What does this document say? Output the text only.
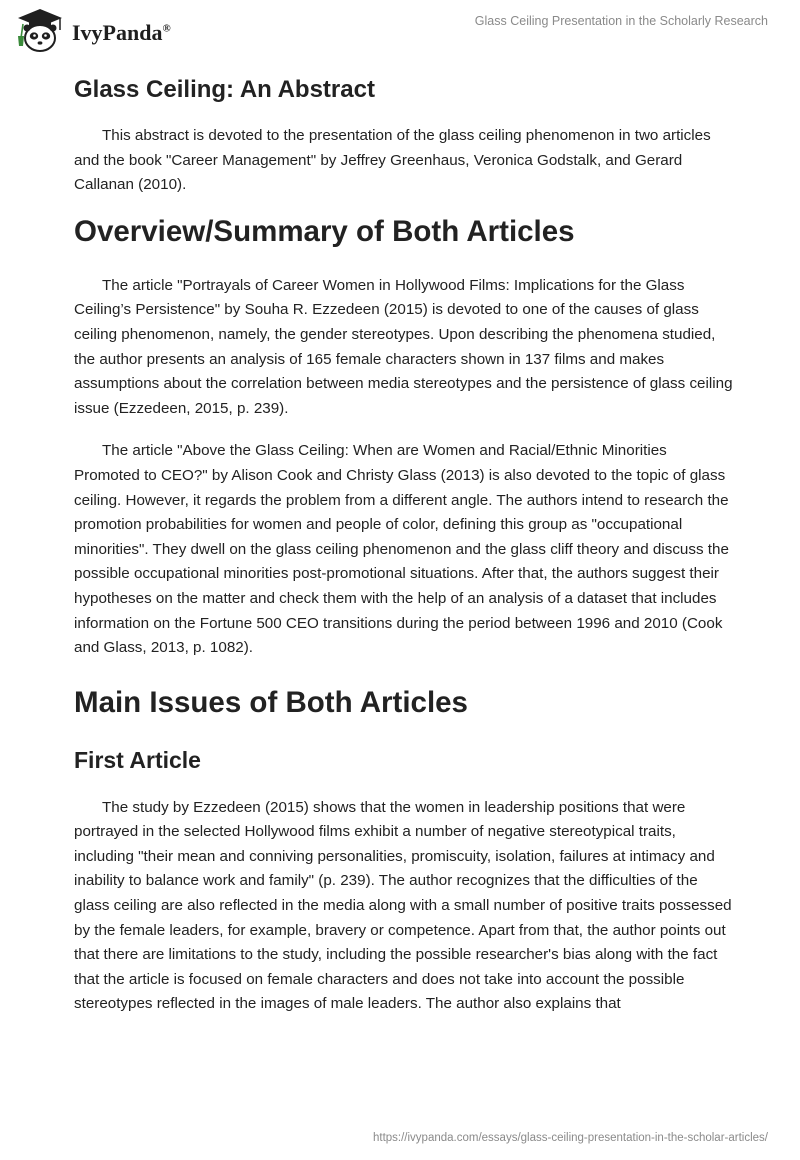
IvyPanda®
Glass Ceiling Presentation in the Scholarly Research
Glass Ceiling: An Abstract

This abstract is devoted to the presentation of the glass ceiling phenomenon in two articles and the book "Career Management" by Jeffrey Greenhaus, Veronica Godstalk, and Gerard Callanan (2010).

Overview/Summary of Both Articles

The article "Portrayals of Career Women in Hollywood Films: Implications for the Glass Ceiling’s Persistence" by Souha R. Ezzedeen (2015) is devoted to one of the causes of glass ceiling phenomenon, namely, the gender stereotypes. Upon describing the phenomena studied, the author presents an analysis of 165 female characters shown in 137 films and makes assumptions about the correlation between media stereotypes and the persistence of glass ceiling issue (Ezzedeen, 2015, p. 239).

The article "Above the Glass Ceiling: When are Women and Racial/Ethnic Minorities Promoted to CEO?" by Alison Cook and Christy Glass (2013) is also devoted to the topic of glass ceiling. However, it regards the problem from a different angle. The authors intend to research the promotion probabilities for women and people of color, defining this group as "occupational minorities". They dwell on the glass ceiling phenomenon and the glass cliff theory and discuss the possible occupational minorities post-promotional situations. After that, the authors suggest their hypotheses on the matter and check them with the help of an analysis of a dataset that includes information on the Fortune 500 CEO transitions during the period between 1996 and 2010 (Cook and Glass, 2013, p. 1082).

Main Issues of Both Articles
First Article

The study by Ezzedeen (2015) shows that the women in leadership positions that were portrayed in the selected Hollywood films exhibit a number of negative stereotypical traits, including "their mean and conniving personalities, promiscuity, isolation, failures at intimacy and inability to balance work and family" (p. 239). The author recognizes that the difficulties of the glass ceiling are also reflected in the media along with a small number of positive traits possessed by the female leaders, for example, bravery or competence. Apart from that, the author points out that there are limitations to the study, including the possible researcher's bias along with the fact that the article is focused on female characters and does not take into account the possible stereotypes reflected in the images of male leaders. The author also explains that

https://ivypanda.com/essays/glass-ceiling-presentation-in-the-scholar-articles/
